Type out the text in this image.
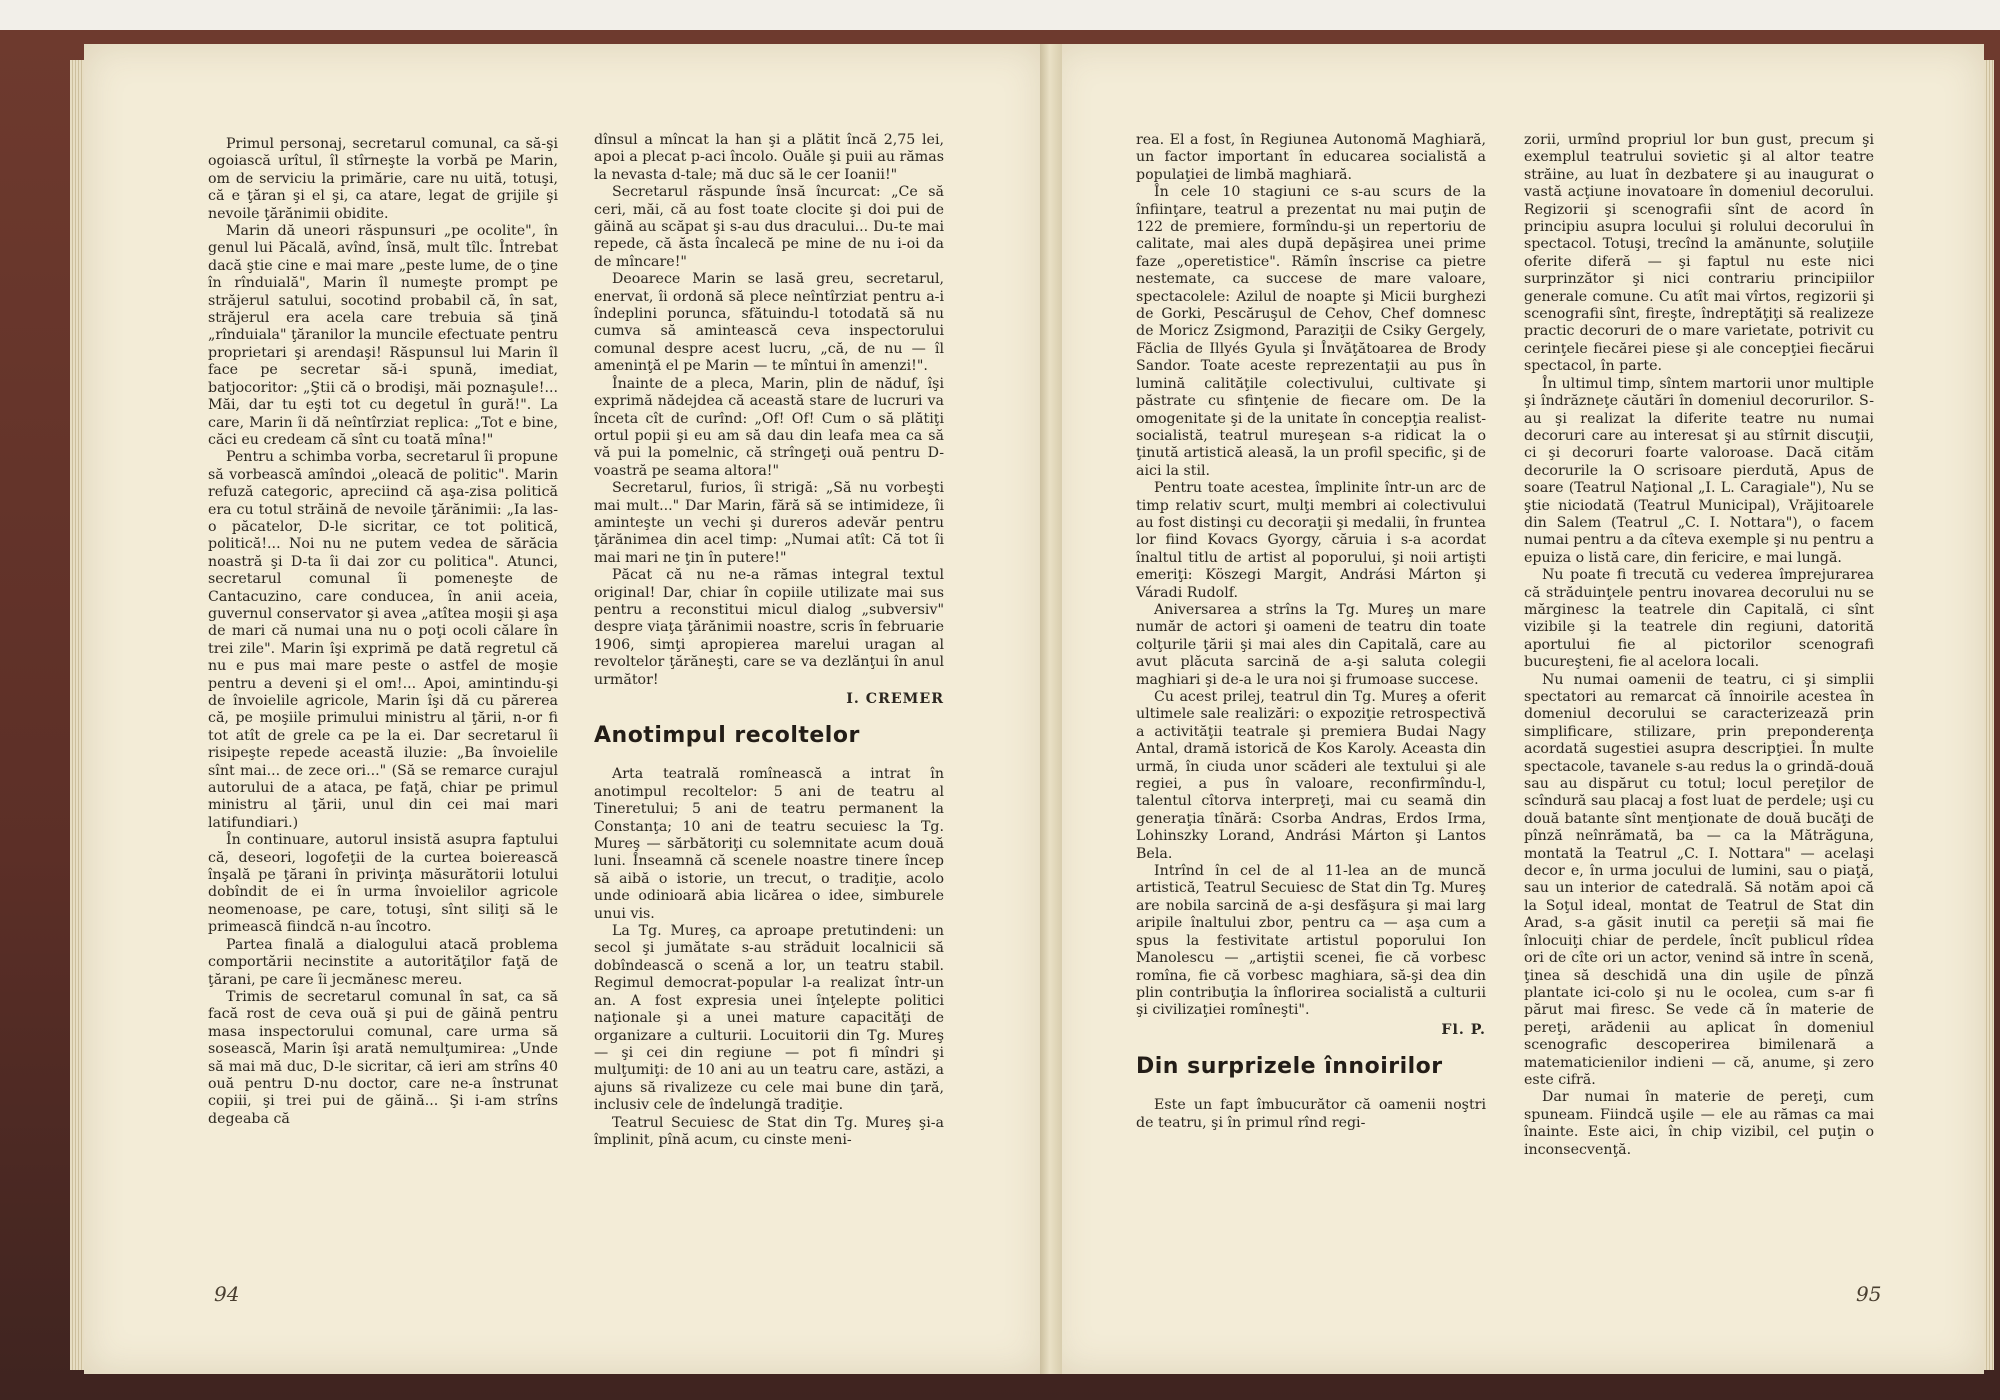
Primul personaj, secretarul comunal, ca să-şi ogoiască urîtul, îl stîrneşte la vorbă pe Marin, om de serviciu la primărie, care nu uită, totuşi, că e ţăran şi el şi, ca atare, legat de grijile şi nevoile ţărănimii obidite.

Marin dă uneori răspunsuri „pe ocolite", în genul lui Păcală, avînd, însă, mult tîlc. Întrebat dacă ştie cine e mai mare „peste lume, de o ţine în rînduială", Marin îl numeşte prompt pe străjerul satului, socotind probabil că, în sat, străjerul era acela care trebuia să ţină „rînduiala" ţăranilor la muncile efectuate pentru proprietari şi arendaşi! Răspunsul lui Marin îl face pe secretar să-i spună, imediat, batjocoritor: „Ştii că o brodişi, măi poznaşule!... Măi, dar tu eşti tot cu degetul în gură!". La care, Marin îi dă neîntîrziat replica: „Tot e bine, căci eu credeam că sînt cu toată mîna!"

Pentru a schimba vorba, secretarul îi propune să vorbească amîndoi „oleacă de politic". Marin refuză categoric, apreciind că aşa-zisa politică era cu totul străină de nevoile ţărănimii: „Ia las-o păcatelor, D-le sicritar, ce tot politică, politică!... Noi nu ne putem vedea de sărăcia noastră şi D-ta îi dai zor cu politica". Atunci, secretarul comunal îi pomeneşte de Cantacuzino, care conducea, în anii aceia, guvernul conservator şi avea „atîtea moşii şi aşa de mari că numai una nu o poţi ocoli călare în trei zile". Marin îşi exprimă pe dată regretul că nu e pus mai mare peste o astfel de moşie pentru a deveni şi el om!... Apoi, amintindu-şi de învoielile agricole, Marin îşi dă cu părerea că, pe moşiile primului ministru al ţării, n-or fi tot atît de grele ca pe la ei. Dar secretarul îi risipeşte repede această iluzie: „Ba învoielile sînt mai... de zece ori..." (Să se remarce curajul autorului de a ataca, pe faţă, chiar pe primul ministru al ţării, unul din cei mai mari latifundiari.)

În continuare, autorul insistă asupra faptului că, deseori, logofeţii de la curtea boierească înşală pe ţărani în privinţa măsurătorii lotului dobîndit de ei în urma învoielilor agricole neomenoase, pe care, totuşi, sînt siliţi să le primească fiindcă n-au încotro.

Partea finală a dialogului atacă problema comportării necinstite a autorităţilor faţă de ţărani, pe care îi jecmănesc mereu.

Trimis de secretarul comunal în sat, ca să facă rost de ceva ouă şi pui de găină pentru masa inspectorului comunal, care urma să sosească, Marin îşi arată nemulţumirea: „Unde să mai mă duc, D-le sicritar, că ieri am strîns 40 ouă pentru D-nu doctor, care ne-a înstrunat copiii, şi trei pui de găină... Şi i-am strîns degeaba că

dînsul a mîncat la han şi a plătit încă 2,75 lei, apoi a plecat p-aci încolo. Ouăle şi puii au rămas la nevasta d-tale; mă duc să le cer Ioanii!"

Secretarul răspunde însă încurcat: „Ce să ceri, măi, că au fost toate clocite şi doi pui de găină au scăpat şi s-au dus dracului... Du-te mai repede, că ăsta încalecă pe mine de nu i-oi da de mîncare!"

Deoarece Marin se lasă greu, secretarul, enervat, îi ordonă să plece neîntîrziat pentru a-i îndeplini porunca, sfătuindu-l totodată să nu cumva să amintească ceva inspectorului comunal despre acest lucru, „că, de nu — îl ameninţă el pe Marin — te mîntui în amenzi!".

Înainte de a pleca, Marin, plin de năduf, îşi exprimă nădejdea că această stare de lucruri va înceta cît de curînd: „Of! Of! Cum o să plătiţi ortul popii şi eu am să dau din leafa mea ca să vă pui la pomelnic, că strîngeţi ouă pentru D-voastră pe seama altora!"

Secretarul, furios, îi strigă: „Să nu vorbeşti mai mult..." Dar Marin, fără să se intimideze, îi aminteşte un vechi şi dureros adevăr pentru ţărănimea din acel timp: „Numai atît: Că tot îi mai mari ne ţin în putere!"

Păcat că nu ne-a rămas integral textul original! Dar, chiar în copiile utilizate mai sus pentru a reconstitui micul dialog „subversiv" despre viaţa ţărănimii noastre, scris în februarie 1906, simţi apropierea marelui uragan al revoltelor ţărăneşti, care se va dezlănţui în anul următor!

I. CREMER

Anotimpul recoltelor

Arta teatrală romînească a intrat în anotimpul recoltelor: 5 ani de teatru al Tineretului; 5 ani de teatru permanent la Constanţa; 10 ani de teatru secuiesc la Tg. Mureş — sărbătoriţi cu solemnitate acum două luni. Înseamnă că scenele noastre tinere încep să aibă o istorie, un trecut, o tradiţie, acolo unde odinioară abia licărea o idee, simburele unui vis.

La Tg. Mureş, ca aproape pretutindeni: un secol şi jumătate s-au străduit localnicii să dobîndească o scenă a lor, un teatru stabil. Regimul democrat-popular l-a realizat într-un an. A fost expresia unei înţelepte politici naţionale şi a unei mature capacităţi de organizare a culturii. Locuitorii din Tg. Mureş — şi cei din regiune — pot fi mîndri şi mulţumiţi: de 10 ani au un teatru care, astăzi, a ajuns să rivalizeze cu cele mai bune din ţară, inclusiv cele de îndelungă tradiţie.

Teatrul Secuiesc de Stat din Tg. Mureş şi-a împlinit, pînă acum, cu cinste meni-

rea. El a fost, în Regiunea Autonomă Maghiară, un factor important în educarea socialistă a populaţiei de limbă maghiară.

În cele 10 stagiuni ce s-au scurs de la înfiinţare, teatrul a prezentat nu mai puţin de 122 de premiere, formîndu-şi un repertoriu de calitate, mai ales după depăşirea unei prime faze „operetistice". Rămîn înscrise ca pietre nestemate, ca succese de mare valoare, spectacolele: Azilul de noapte şi Micii burghezi de Gorki, Pescăruşul de Cehov, Chef domnesc de Moricz Zsigmond, Paraziţii de Csiky Gergely, Făclia de Illyés Gyula şi Învăţătoarea de Brody Sandor. Toate aceste reprezentaţii au pus în lumină calităţile colectivului, cultivate şi păstrate cu sfinţenie de fiecare om. De la omogenitate şi de la unitate în concepţia realist-socialistă, teatrul mureşean s-a ridicat la o ţinută artistică aleasă, la un profil specific, şi de aici la stil.

Pentru toate acestea, împlinite într-un arc de timp relativ scurt, mulţi membri ai colectivului au fost distinşi cu decoraţii şi medalii, în fruntea lor fiind Kovacs Gyorgy, căruia i s-a acordat înaltul titlu de artist al poporului, şi noii artişti emeriţi: Köszegi Margit, Andrási Márton şi Váradi Rudolf.

Aniversarea a strîns la Tg. Mureş un mare număr de actori şi oameni de teatru din toate colţurile ţării şi mai ales din Capitală, care au avut plăcuta sarcină de a-şi saluta colegii maghiari şi de-a le ura noi şi frumoase succese.

Cu acest prilej, teatrul din Tg. Mureş a oferit ultimele sale realizări: o expoziţie retrospectivă a activităţii teatrale şi premiera Budai Nagy Antal, dramă istorică de Kos Karoly. Aceasta din urmă, în ciuda unor scăderi ale textului şi ale regiei, a pus în valoare, reconfirmîndu-l, talentul cîtorva interpreţi, mai cu seamă din generaţia tînără: Csorba Andras, Erdos Irma, Lohinszky Lorand, Andrási Márton şi Lantos Bela.

Intrînd în cel de al 11-lea an de muncă artistică, Teatrul Secuiesc de Stat din Tg. Mureş are nobila sarcină de a-şi desfăşura şi mai larg aripile înaltului zbor, pentru ca — aşa cum a spus la festivitate artistul poporului Ion Manolescu — „artiştii scenei, fie că vorbesc romîna, fie că vorbesc maghiara, să-şi dea din plin contribuţia la înflorirea socialistă a culturii şi civilizaţiei romîneşti".

Fl. P.

Din surprizele înnoirilor

Este un fapt îmbucurător că oamenii noştri de teatru, şi în primul rînd regi-

zorii, urmînd propriul lor bun gust, precum şi exemplul teatrului sovietic şi al altor teatre străine, au luat în dezbatere şi au inaugurat o vastă acţiune inovatoare în domeniul decorului. Regizorii şi scenografii sînt de acord în principiu asupra locului şi rolului decorului în spectacol. Totuşi, trecînd la amănunte, soluţiile oferite diferă — şi faptul nu este nici surprinzător şi nici contrariu principiilor generale comune. Cu atît mai vîrtos, regizorii şi scenografii sînt, fireşte, îndreptăţiţi să realizeze practic decoruri de o mare varietate, potrivit cu cerinţele fiecărei piese şi ale concepţiei fiecărui spectacol, în parte.

În ultimul timp, sîntem martorii unor multiple şi îndrăzneţe căutări în domeniul decorurilor. S-au şi realizat la diferite teatre nu numai decoruri care au interesat şi au stîrnit discuţii, ci şi decoruri foarte valoroase. Dacă cităm decorurile la O scrisoare pierdută, Apus de soare (Teatrul Naţional „I. L. Caragiale"), Nu se ştie niciodată (Teatrul Municipal), Vrăjitoarele din Salem (Teatrul „C. I. Nottara"), o facem numai pentru a da cîteva exemple şi nu pentru a epuiza o listă care, din fericire, e mai lungă.

Nu poate fi trecută cu vederea împrejurarea că străduinţele pentru inovarea decorului nu se mărginesc la teatrele din Capitală, ci sînt vizibile şi la teatrele din regiuni, datorită aportului fie al pictorilor scenografi bucureşteni, fie al acelora locali.

Nu numai oamenii de teatru, ci şi simplii spectatori au remarcat că înnoirile acestea în domeniul decorului se caracterizează prin simplificare, stilizare, prin preponderenţa acordată sugestiei asupra descripţiei. În multe spectacole, tavanele s-au redus la o grindă-două sau au dispărut cu totul; locul pereţilor de scîndură sau placaj a fost luat de perdele; uşi cu două batante sînt menţionate de două bucăţi de pînză neînrămată, ba — ca la Mătrăguna, montată la Teatrul „C. I. Nottara" — acelaşi decor e, în urma jocului de lumini, sau o piaţă, sau un interior de catedrală. Să notăm apoi că la Soţul ideal, montat de Teatrul de Stat din Arad, s-a găsit inutil ca pereţii să mai fie înlocuiţi chiar de perdele, încît publicul rîdea ori de cîte ori un actor, venind să intre în scenă, ţinea să deschidă una din uşile de pînză plantate ici-colo şi nu le ocolea, cum s-ar fi părut mai firesc. Se vede că în materie de pereţi, arădenii au aplicat în domeniul scenografic descoperirea bimilenară a matematicienilor indieni — că, anume, şi zero este cifră.

Dar numai în materie de pereţi, cum spuneam. Fiindcă uşile — ele au rămas ca mai înainte. Este aici, în chip vizibil, cel puţin o inconsecvenţă.

94	95
